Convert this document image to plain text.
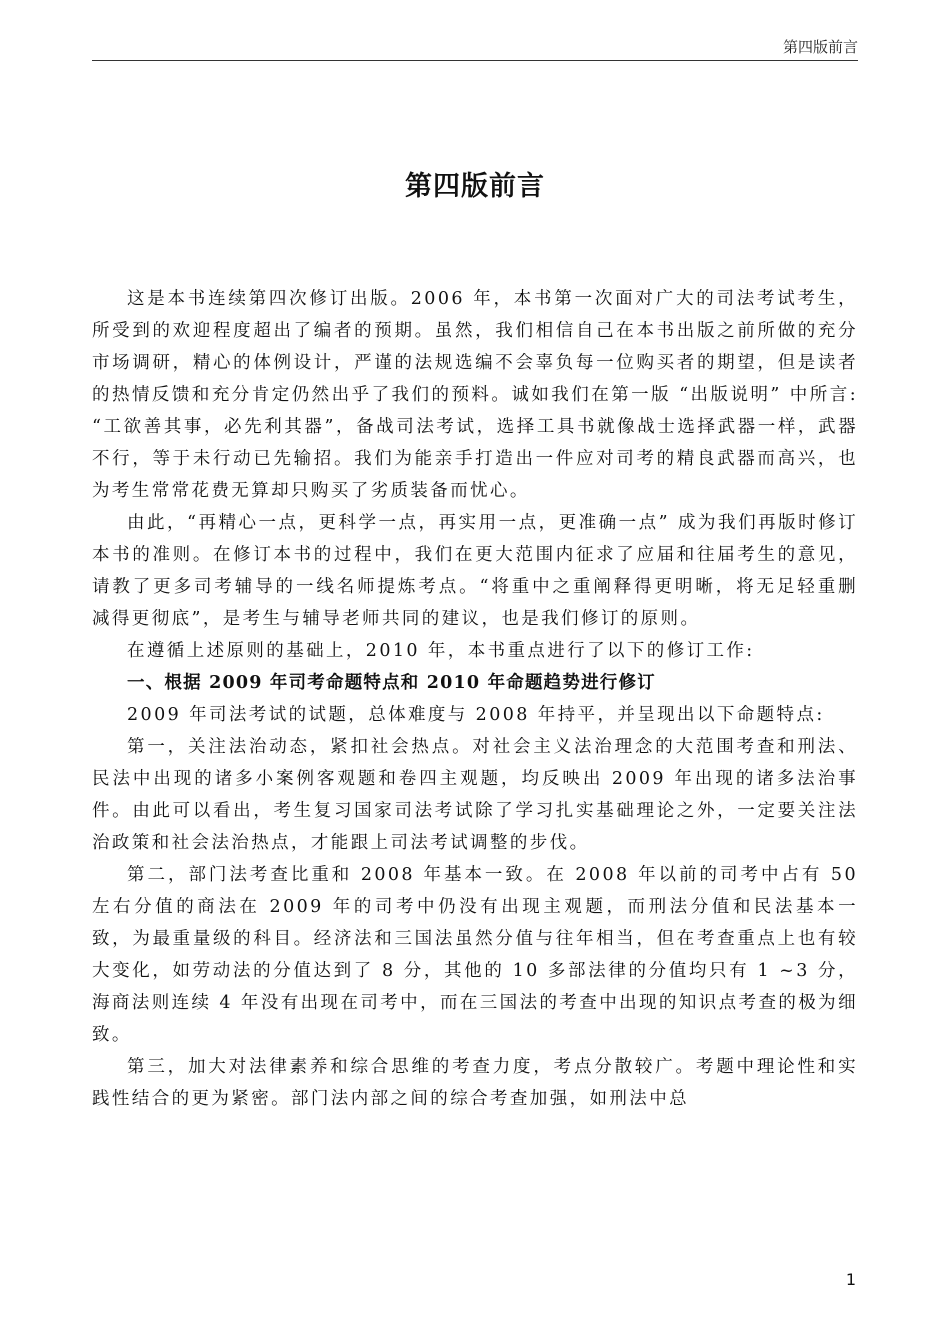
第四版前言
第四版前言

这是本书连续第四次修订出版。2006 年，本书第一次面对广大的司法考试考生，所受到的欢迎程度超出了编者的预期。虽然，我们相信自己在本书出版之前所做的充分市场调研，精心的体例设计，严谨的法规选编不会辜负每一位购买者的期望，但是读者的热情反馈和充分肯定仍然出乎了我们的预料。诚如我们在第一版 “出版说明” 中所言: “工欲善其事，必先利其器”，备战司法考试，选择工具书就像战士选择武器一样，武器不行，等于未行动已先输招。我们为能亲手打造出一件应对司考的精良武器而高兴，也为考生常常花费无算却只购买了劣质装备而忧心。

由此，“再精心一点，更科学一点，再实用一点，更准确一点” 成为我们再版时修订本书的准则。在修订本书的过程中，我们在更大范围内征求了应届和往届考生的意见，请教了更多司考辅导的一线名师提炼考点。“将重中之重阐释得更明晰，将无足轻重删减得更彻底”，是考生与辅导老师共同的建议，也是我们修订的原则。

在遵循上述原则的基础上，2010 年，本书重点进行了以下的修订工作:

一、根据 2009 年司考命题特点和 2010 年命题趋势进行修订

2009 年司法考试的试题，总体难度与 2008 年持平，并呈现出以下命题特点:

第一，关注法治动态，紧扣社会热点。对社会主义法治理念的大范围考查和刑法、民法中出现的诸多小案例客观题和卷四主观题，均反映出 2009 年出现的诸多法治事件。由此可以看出，考生复习国家司法考试除了学习扎实基础理论之外，一定要关注法治政策和社会法治热点，才能跟上司法考试调整的步伐。

第二，部门法考查比重和 2008 年基本一致。在 2008 年以前的司考中占有 50 左右分值的商法在 2009 年的司考中仍没有出现主观题，而刑法分值和民法基本一致，为最重量级的科目。经济法和三国法虽然分值与往年相当，但在考查重点上也有较大变化，如劳动法的分值达到了 8 分，其他的 10 多部法律的分值均只有 1 ~3 分，海商法则连续 4 年没有出现在司考中，而在三国法的考查中出现的知识点考查的极为细致。

第三，加大对法律素养和综合思维的考查力度，考点分散较广。考题中理论性和实践性结合的更为紧密。部门法内部之间的综合考查加强，如刑法中总

1
